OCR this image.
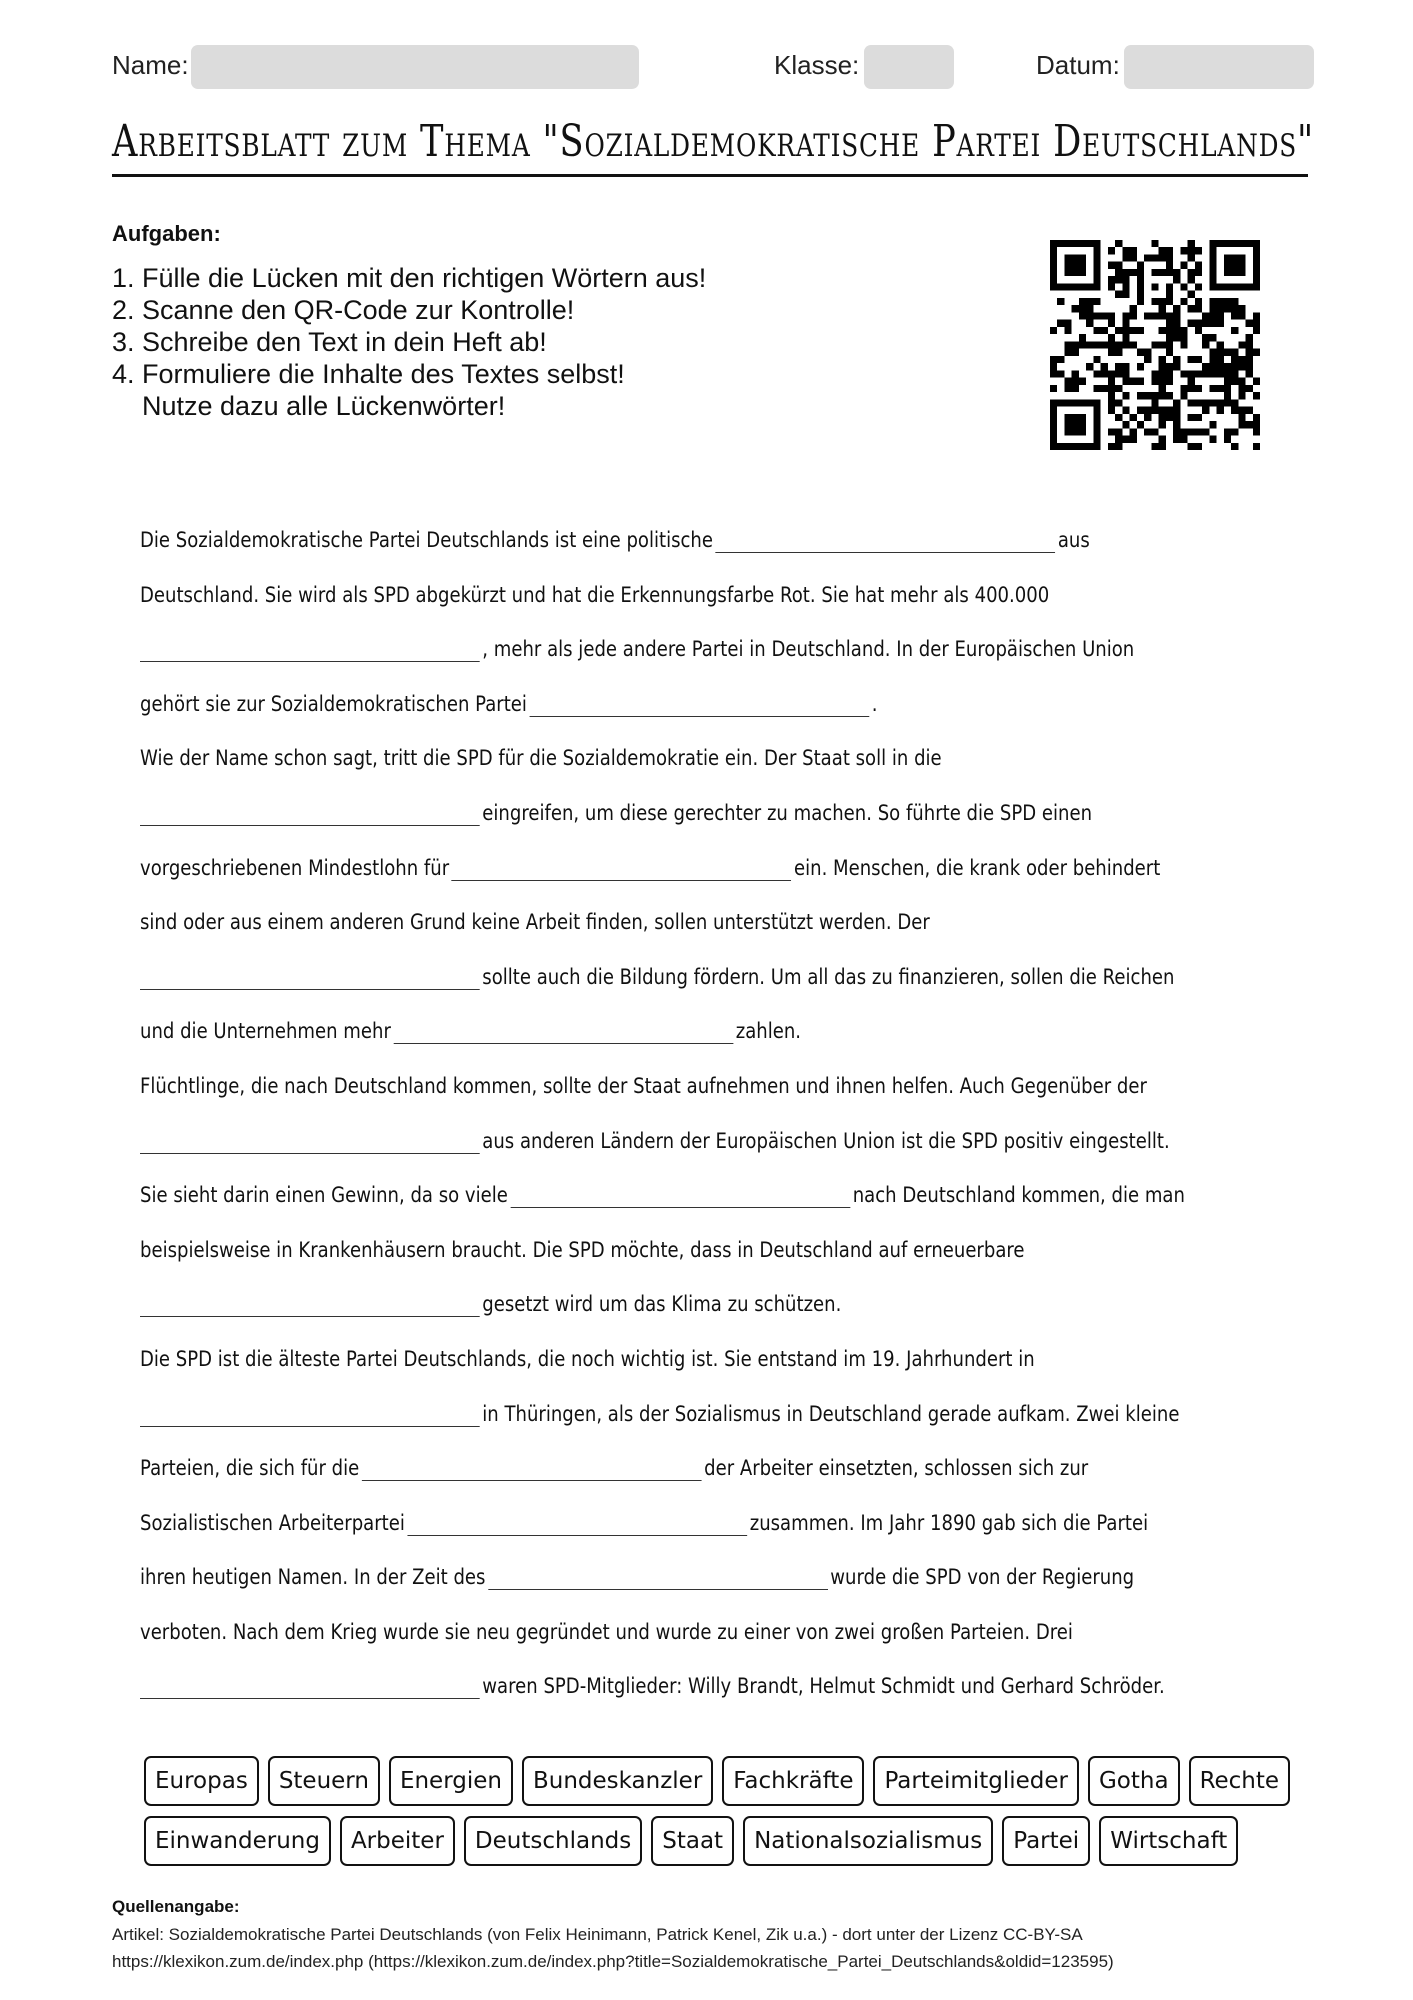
Name:	Klasse:	Datum:
Arbeitsblatt zum Thema "Sozialdemokratische Partei Deutschlands"
Aufgaben:
1. Fülle die Lücken mit den richtigen Wörtern aus!
2. Scanne den QR-Code zur Kontrolle!
3. Schreibe den Text in dein Heft ab!
4. Formuliere die Inhalte des Textes selbst!
Nutze dazu alle Lückenwörter!
Die Sozialdemokratische Partei Deutschlands ist eine politische	aus
Deutschland. Sie wird als SPD abgekürzt und hat die Erkennungsfarbe Rot. Sie hat mehr als 400.000
, mehr als jede andere Partei in Deutschland. In der Europäischen Union
gehört sie zur Sozialdemokratischen Partei	.
Wie der Name schon sagt, tritt die SPD für die Sozialdemokratie ein. Der Staat soll in die
eingreifen, um diese gerechter zu machen. So führte die SPD einen
vorgeschriebenen Mindestlohn für	ein. Menschen, die krank oder behindert
sind oder aus einem anderen Grund keine Arbeit finden, sollen unterstützt werden. Der
sollte auch die Bildung fördern. Um all das zu finanzieren, sollen die Reichen
und die Unternehmen mehr	zahlen.
Flüchtlinge, die nach Deutschland kommen, sollte der Staat aufnehmen und ihnen helfen. Auch Gegenüber der
aus anderen Ländern der Europäischen Union ist die SPD positiv eingestellt.
Sie sieht darin einen Gewinn, da so viele	nach Deutschland kommen, die man
beispielsweise in Krankenhäusern braucht. Die SPD möchte, dass in Deutschland auf erneuerbare
gesetzt wird um das Klima zu schützen.
Die SPD ist die älteste Partei Deutschlands, die noch wichtig ist. Sie entstand im 19. Jahrhundert in
in Thüringen, als der Sozialismus in Deutschland gerade aufkam. Zwei kleine
Parteien, die sich für die	der Arbeiter einsetzten, schlossen sich zur
Sozialistischen Arbeiterpartei	zusammen. Im Jahr 1890 gab sich die Partei
ihren heutigen Namen. In der Zeit des	wurde die SPD von der Regierung
verboten. Nach dem Krieg wurde sie neu gegründet und wurde zu einer von zwei großen Parteien. Drei
waren SPD-Mitglieder: Willy Brandt, Helmut Schmidt und Gerhard Schröder.
Europas	Steuern	Energien	Bundeskanzler	Fachkräfte	Parteimitglieder	Gotha	Rechte
Einwanderung	Arbeiter	Deutschlands	Staat	Nationalsozialismus	Partei	Wirtschaft
Quellenangabe:
Artikel: Sozialdemokratische Partei Deutschlands (von Felix Heinimann, Patrick Kenel, Zik u.a.) - dort unter der Lizenz CC-BY-SA
https://klexikon.zum.de/index.php (https://klexikon.zum.de/index.php?title=Sozialdemokratische_Partei_Deutschlands&oldid=123595)
